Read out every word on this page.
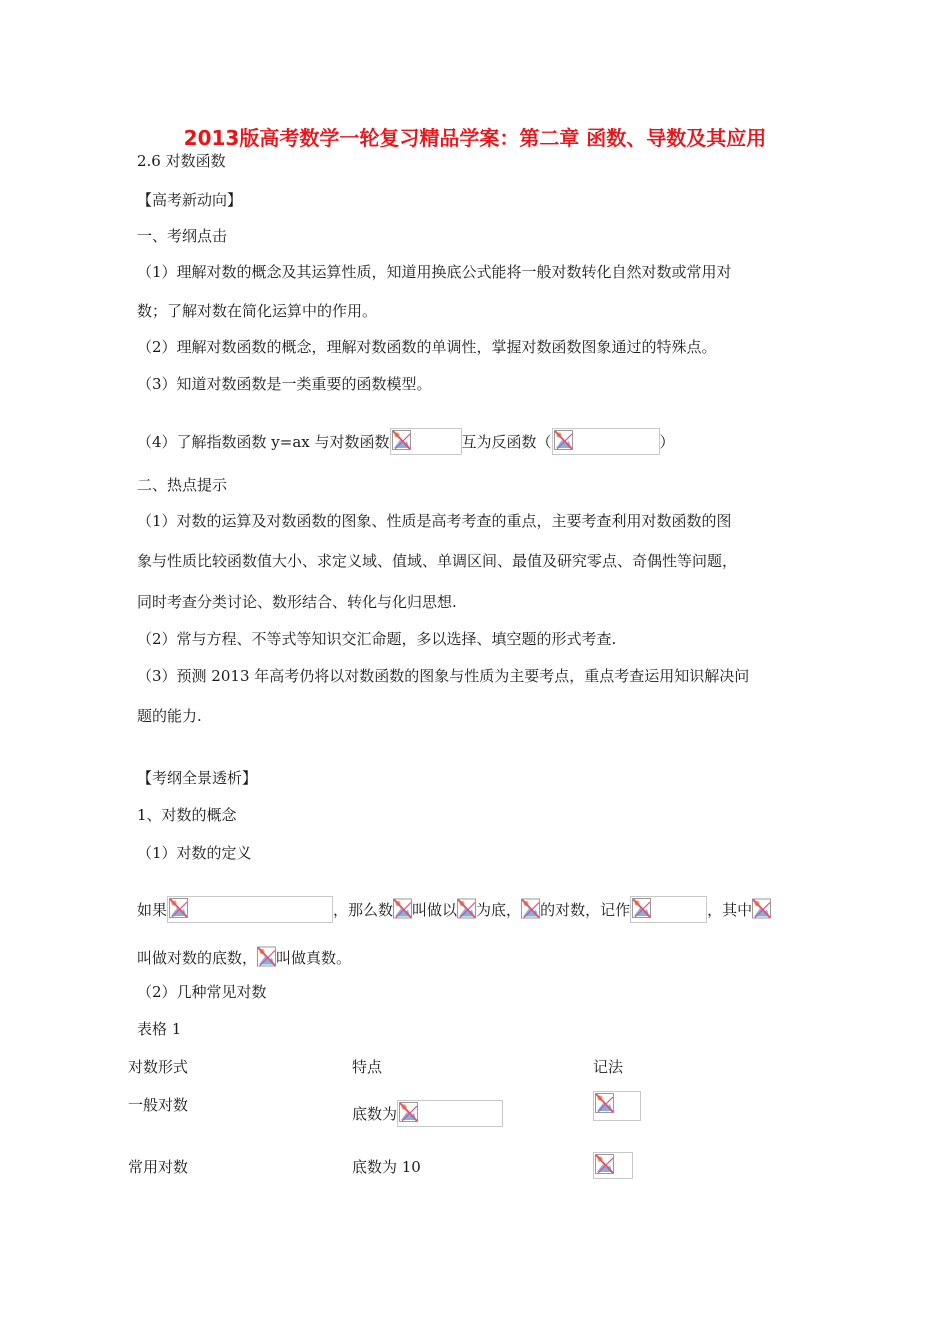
2013版高考数学一轮复习精品学案：第二章 函数、导数及其应用
2.6 对数函数
【高考新动向】
一、考纲点击
（1）理解对数的概念及其运算性质，知道用换底公式能将一般对数转化自然对数或常用对
数；了解对数在简化运算中的作用。
（2）理解对数函数的概念，理解对数函数的单调性，掌握对数函数图象通过的特殊点。
（3）知道对数函数是一类重要的函数模型。
（4）了解指数函数 y=ax 与对数函数	互为反函数（	）
二、热点提示
（1）对数的运算及对数函数的图象、性质是高考考查的重点，主要考查利用对数函数的图
象与性质比较函数值大小、求定义域、值域、单调区间、最值及研究零点、奇偶性等问题，
同时考查分类讨论、数形结合、转化与化归思想.
（2）常与方程、不等式等知识交汇命题，多以选择、填空题的形式考查.
（3）预测 2013 年高考仍将以对数函数的图象与性质为主要考点，重点考查运用知识解决问
题的能力.
【考纲全景透析】
1、对数的概念
（1）对数的定义
如果	，那么数 叫做以 为底， 的对数，记作	，其中
叫做对数的底数， 叫做真数。
（2）几种常见对数
表格 1
对数形式	特点	记法
一般对数	底数为
常用对数	底数为 10
